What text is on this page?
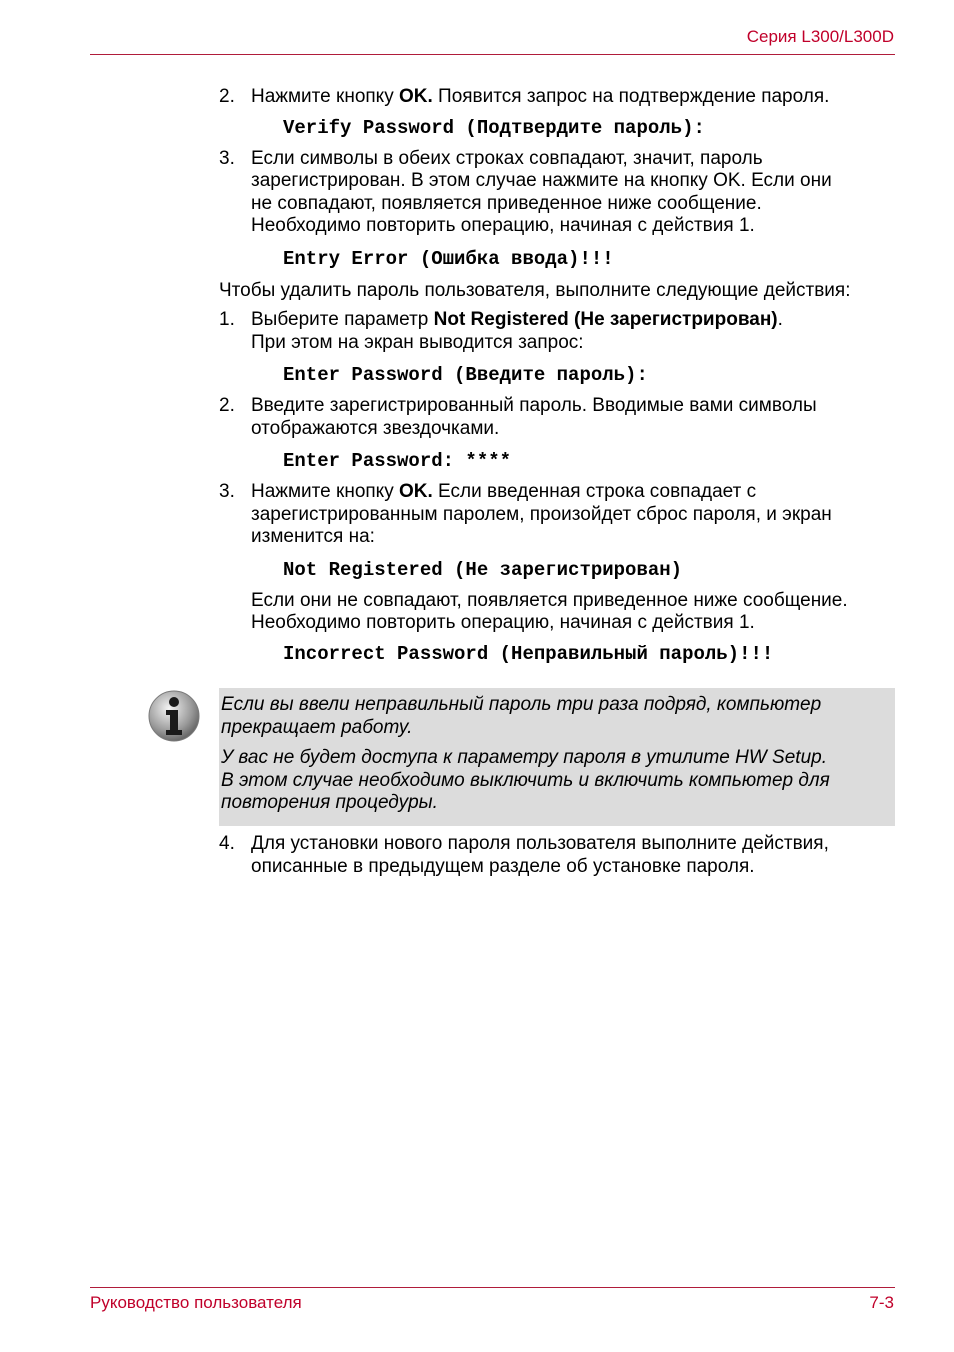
Серия L300/L300D
2. Нажмите кнопку OK. Появится запрос на подтверждение пароля.
Verify Password (Подтвердите пароль):
3. Если символы в обеих строках совпадают, значит, пароль
зарегистрирован. В этом случае нажмите на кнопку OK. Если они
не совпадают, появляется приведенное ниже сообщение.
Необходимо повторить операцию, начиная с действия 1.
Entry Error (Ошибка ввода)!!!
Чтобы удалить пароль пользователя, выполните следующие действия:
1. Выберите параметр Not Registered (Не зарегистрирован).
При этом на экран выводится запрос:
Enter Password (Введите пароль):
2. Введите зарегистрированный пароль. Вводимые вами символы
отображаются звездочками.
Enter Password: ****
3. Нажмите кнопку OK. Если введенная строка совпадает с
зарегистрированным паролем, произойдет сброс пароля, и экран
изменится на:
Not Registered (Не зарегистрирован)
Если они не совпадают, появляется приведенное ниже сообщение.
Необходимо повторить операцию, начиная с действия 1.
Incorrect Password (Неправильный пароль)!!!
Если вы ввели неправильный пароль три раза подряд, компьютер
прекращает работу.
У вас не будет доступа к параметру пароля в утилите HW Setup.
В этом случае необходимо выключить и включить компьютер для
повторения процедуры.
4. Для установки нового пароля пользователя выполните действия,
описанные в предыдущем разделе об установке пароля.
Руководство пользователя	7-3
